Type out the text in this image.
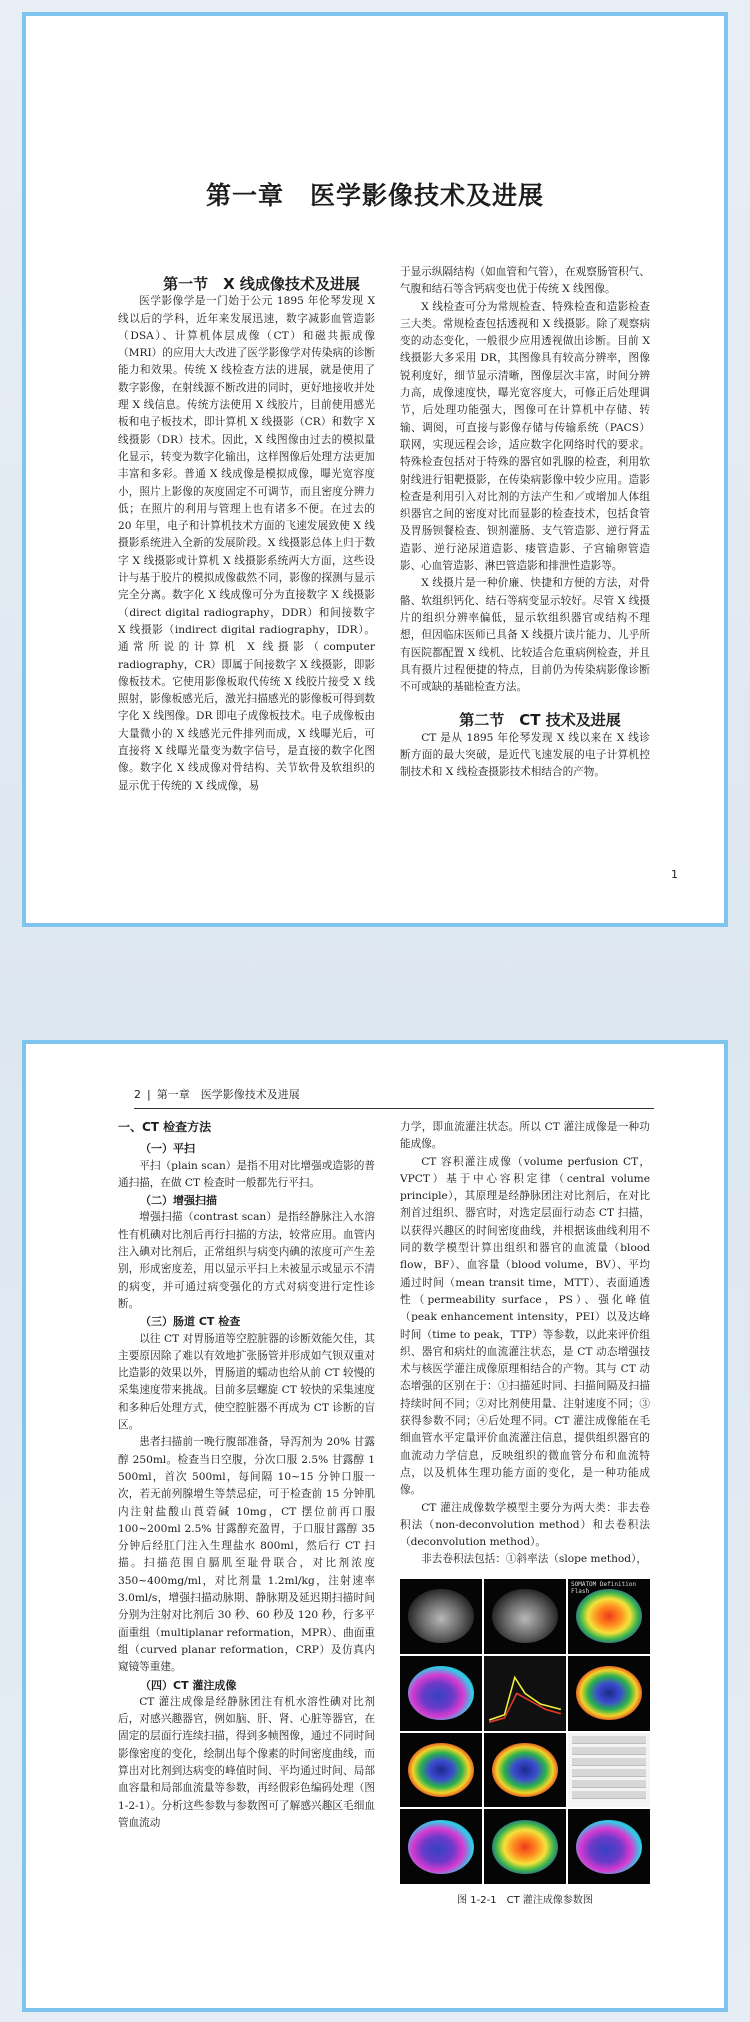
第一章　医学影像技术及进展

第一节　X 线成像技术及进展

医学影像学是一门始于公元 1895 年伦琴发现 X 线以后的学科，近年来发展迅速，数字减影血管造影（DSA）、计算机体层成像（CT）和磁共振成像（MRI）的应用大大改进了医学影像学对传染病的诊断能力和效果。传统 X 线检查方法的进展，就是使用了数字影像，在射线源不断改进的同时，更好地接收并处理 X 线信息。传统方法使用 X 线胶片，目前使用感光板和电子板技术，即计算机 X 线摄影（CR）和数字 X 线摄影（DR）技术。因此，X 线图像由过去的模拟量化显示，转变为数字化输出，这样图像后处理方法更加丰富和多彩。普通 X 线成像是模拟成像，曝光宽容度小，照片上影像的灰度固定不可调节，而且密度分辨力低；在照片的利用与管理上也有诸多不便。在过去的 20 年里，电子和计算机技术方面的飞速发展致使 X 线摄影系统进入全新的发展阶段。X 线摄影总体上归于数字 X 线摄影或计算机 X 线摄影系统两大方面，这些设计与基于胶片的模拟成像截然不同，影像的探测与显示完全分离。数字化 X 线成像可分为直接数字 X 线摄影（direct digital radiography，DDR）和间接数字 X 线摄影（indirect digital radiography，IDR）。通常所说的计算机 X 线摄影（computer radiography，CR）即属于间接数字 X 线摄影，即影像板技术。它使用影像板取代传统 X 线胶片接受 X 线照射，影像板感光后，激光扫描感光的影像板可得到数字化 X 线图像。DR 即电子成像板技术。电子成像板由大量微小的 X 线感光元件排列而成，X 线曝光后，可直接将 X 线曝光量变为数字信号，是直接的数字化图像。数字化 X 线成像对骨结构、关节软骨及软组织的显示优于传统的 X 线成像，易

于显示纵隔结构（如血管和气管），在观察肠管积气、气腹和结石等含钙病变也优于传统 X 线图像。

X 线检查可分为常规检查、特殊检查和造影检查三大类。常规检查包括透视和 X 线摄影。除了观察病变的动态变化，一般很少应用透视做出诊断。目前 X 线摄影大多采用 DR，其图像具有较高分辨率，图像锐利度好，细节显示清晰，图像层次丰富，时间分辨力高，成像速度快，曝光宽容度大，可修正后处理调节，后处理功能强大，图像可在计算机中存储、转输、调阅，可直接与影像存储与传输系统（PACS）联网，实现远程会诊，适应数字化网络时代的要求。特殊检查包括对于特殊的器官如乳腺的检查，利用软射线进行钼靶摄影，在传染病影像中较少应用。造影检查是利用引入对比剂的方法产生和／或增加人体组织器官之间的密度对比而显影的检查技术，包括食管及胃肠钡餐检查、钡剂灌肠、支气管造影、逆行肾盂造影、逆行泌尿道造影、瘘管造影、子宫输卵管造影、心血管造影、淋巴管造影和排泄性造影等。

X 线摄片是一种价廉、快捷和方便的方法，对骨骼、软组织钙化、结石等病变显示较好。尽管 X 线摄片的组织分辨率偏低，显示软组织器官或结构不理想，但因临床医师已具备 X 线摄片读片能力、儿乎所有医院都配置 X 线机、比较适合危重病例检查，并且具有摄片过程便捷的特点，目前仍为传染病影像诊断不可或缺的基础检查方法。

第二节　CT 技术及进展

CT 是从 1895 年伦琴发现 X 线以来在 X 线诊断方面的最大突破，是近代飞速发展的电子计算机控制技术和 X 线检查摄影技术相结合的产物。

1
2 | 第一章　医学影像技术及进展
一、CT 检查方法
（一）平扫

平扫（plain scan）是指不用对比增强或造影的普通扫描，在做 CT 检查时一般都先行平扫。

（二）增强扫描

增强扫描（contrast scan）是指经静脉注入水溶性有机碘对比剂后再行扫描的方法，较常应用。血管内注入碘对比剂后，正常组织与病变内碘的浓度可产生差别，形成密度差，用以显示平扫上未被显示或显示不清的病变，并可通过病变强化的方式对病变进行定性诊断。

（三）肠道 CT 检查

以往 CT 对胃肠道等空腔脏器的诊断效能欠佳，其主要原因除了难以有效地扩张肠管并形成如气钡双重对比造影的效果以外，胃肠道的蠕动也给从前 CT 较慢的采集速度带来挑战。目前多层螺旋 CT 较快的采集速度和多种后处理方式，使空腔脏器不再成为 CT 诊断的盲区。

患者扫描前一晚行腹部准备，导泻剂为 20% 甘露醇 250ml。检查当日空腹，分次口服 2.5% 甘露醇 1 500ml，首次 500ml，每间隔 10~15 分钟口服一次，若无前列腺增生等禁忌症，可于检查前 15 分钟肌内注射盐酸山莨菪碱 10mg，CT 摆位前再口服 100~200ml 2.5% 甘露醇充盈胃，于口服甘露醇 35 分钟后经肛门注入生理盐水 800ml，然后行 CT 扫描。扫描范围自膈肌至耻骨联合，对比剂浓度 350~400mg/ml，对比剂量 1.2ml/kg，注射速率 3.0ml/s，增强扫描动脉期、静脉期及延迟期扫描时间分别为注射对比剂后 30 秒、60 秒及 120 秒，行多平面重组（multiplanar reformation，MPR）、曲面重组（curved planar reformation，CRP）及仿真内窥镜等重建。

（四）CT 灌注成像

CT 灌注成像是经静脉团注有机水溶性碘对比剂后，对感兴趣器官，例如脑、肝、肾、心脏等器官，在固定的层面行连续扫描，得到多帧图像，通过不同时间影像密度的变化，绘制出每个像素的时间密度曲线，而算出对比剂到达病变的峰值时间、平均通过时间、局部血容量和局部血流量等参数，再经假彩色编码处理（图 1-2-1）。分析这些参数与参数图可了解感兴趣区毛细血管血流动

力学，即血流灌注状态。所以 CT 灌注成像是一种功能成像。

CT 容积灌注成像（volume perfusion CT，VPCT）基于中心容积定律（central volume principle），其原理是经静脉团注对比剂后，在对比剂首过组织、器官时，对选定层面行动态 CT 扫描，以获得兴趣区的时间密度曲线，并根据该曲线利用不同的数学模型计算出组织和器官的血流量（blood flow，BF）、血容量（blood volume，BV）、平均通过时间（mean transit time，MTT）、表面通透性（permeability surface，PS）、强化峰值（peak enhancement intensity，PEI）以及达峰时间（time to peak，TTP）等参数，以此来评价组织、器官和病灶的血流灌注状态，是 CT 动态增强技术与核医学灌注成像原理相结合的产物。其与 CT 动态增强的区别在于：①扫描延时同、扫描间隔及扫描持续时间不同；②对比剂使用量、注射速度不同；③获得参数不同；④后处理不同。CT 灌注成像能在毛细血管水平定量评价血流灌注信息，提供组织器官的血流动力学信息，反映组织的微血管分布和血流特点，以及机体生理功能方面的变化，是一种功能成像。

CT 灌注成像数学模型主要分为两大类：非去卷积法（non-deconvolution method）和去卷积法（deconvolution method）。

非去卷积法包括：①斜率法（slope method），

SOMATOM Definition Flash
图 1-2-1　CT 灌注成像参数图
